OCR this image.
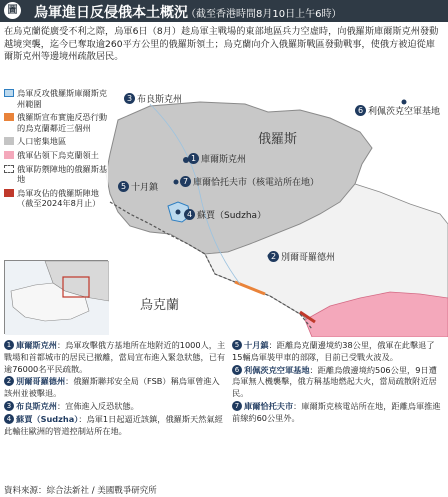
圖 烏軍進日反侵俄本土概況
（截至香港時間8月10日上午6時）
在烏克蘭從廣受不利之際，烏軍6日（8月）趁烏軍主戰場的東部地區兵力空虛時，向俄羅斯庫爾斯克州發動越境突襲，迄今已奪取逾260平方公里的俄羅斯領土；烏克蘭向介入俄羅斯戰區發動戰事，使俄方被迫從庫爾斯克州等邊境州疏散居民。
烏軍反攻俄羅斯庫爾斯克州範圍
俄羅斯宣布實施反恐行動的烏克蘭鄰近三個州
人口密集地區
俄軍佔領下烏克蘭領土
俄軍防禦陣地的俄羅斯基地
烏軍攻佔的俄羅斯陣地（截至2024年8月止）
3 布良斯克州
1 庫爾斯克州
7 庫爾恰托夫市（核電站所在地）
5 十月鎮
4 蘇賈（Sudzha）
2 別爾哥羅德州
6 利佩茨克空軍基地
俄羅斯
烏克蘭
1 庫爾斯克州：烏軍攻擊俄方基地所在地附近的1000人，主戰場和首都城市的居民已撤離，當局宣布進入緊急狀態，已有逾76000名平民疏散。
2 別爾哥羅德州：俄羅斯聯邦安全局（FSB）稱烏軍曾進入該州並被擊退。
3 布良斯克州：宣佈進入反恐狀態。
4 蘇賈（Sudzha）：烏軍1日起逼近該鎮，俄羅斯天然氣經此輸往歐洲的管道控制站所在地。
5 十月鎮：距離烏克蘭邊境約38公里，俄軍在此擊退了15輛烏軍裝甲車的部隊，目前已受戰火波及。
6 利佩茨克空軍基地：距離烏俄邊境約506公里，9日遭烏軍無人機襲擊，俄方稱基地燃起大火，當局疏散附近居民。
7 庫爾恰托夫市：庫爾斯克核電站所在地，距離烏軍推進前線約60公里外。
資料來源：綜合法新社 / 美國戰爭研究所
